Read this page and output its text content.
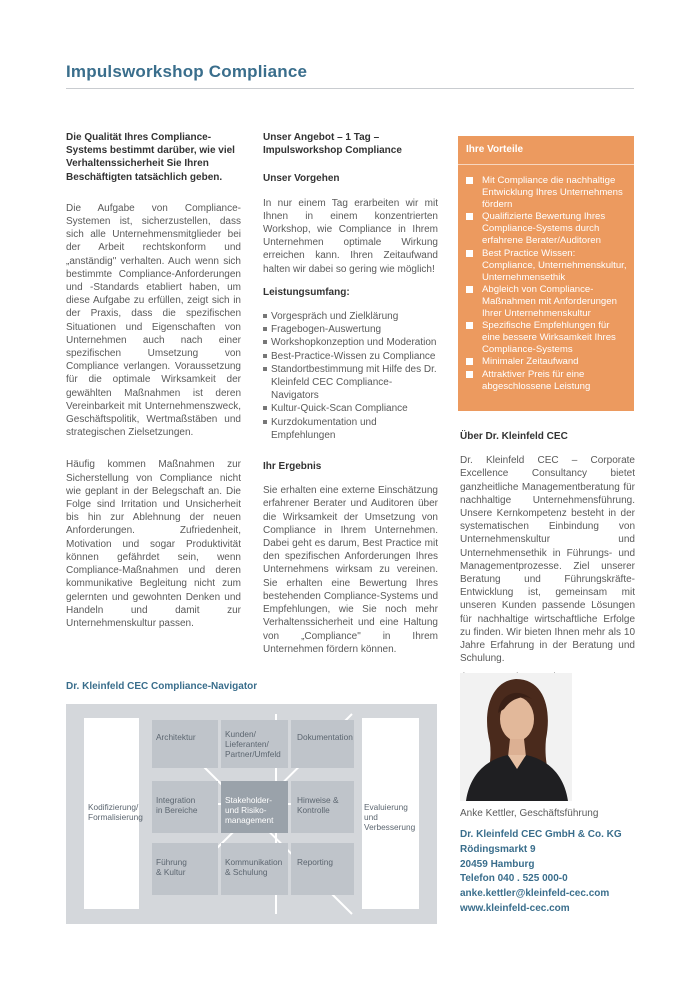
Impulsworkshop Compliance

Die Qualität Ihres Compliance-Systems bestimmt darüber, wie viel Verhaltenssicherheit Sie Ihren Beschäftigten tatsächlich geben.

Die Aufgabe von Compliance-Systemen ist, sicherzustellen, dass sich alle Unternehmensmitglieder bei der Arbeit rechtskonform und „anständig" verhalten. Auch wenn sich bestimmte Compliance-Anforderungen und -Standards etabliert haben, um diese Aufgabe zu erfüllen, zeigt sich in der Praxis, dass die spezifischen Situationen und Eigenschaften von Unternehmen auch nach einer spezifischen Umsetzung von Compliance verlangen. Voraussetzung für die optimale Wirksamkeit der gewählten Maßnahmen ist deren Vereinbarkeit mit Unternehmenszweck, Geschäftspolitik, Wertmaßstäben und strategischen Zielsetzungen.

Häufig kommen Maßnahmen zur Sicherstellung von Compliance nicht wie geplant in der Belegschaft an. Die Folge sind Irritation und Unsicherheit bis hin zur Ablehnung der neuen Anforderungen. Zufriedenheit, Motivation und sogar Produktivität können gefährdet sein, wenn Compliance-Maßnahmen und deren kommunikative Begleitung nicht zum gelernten und gewohnten Denken und Handeln und damit zur Unternehmenskultur passen.

Unser Angebot – 1 Tag – Impulsworkshop Compliance

Unser Vorgehen

In nur einem Tag erarbeiten wir mit Ihnen in einem konzentrierten Workshop, wie Compliance in Ihrem Unternehmen optimale Wirkung erreichen kann. Ihren Zeitaufwand halten wir dabei so gering wie möglich!

Leistungsumfang:

Vorgespräch und Zielklärung
Fragebogen-Auswertung
Workshopkonzeption und Moderation
Best-Practice-Wissen zu Compliance
Standortbestimmung mit Hilfe des Dr. Kleinfeld CEC Compliance-Navigators
Kultur-Quick-Scan Compliance
Kurzdokumentation und Empfehlungen

Ihr Ergebnis

Sie erhalten eine externe Einschätzung erfahrener Berater und Auditoren über die Wirksamkeit der Umsetzung von Compliance in Ihrem Unternehmen. Dabei geht es darum, Best Practice mit den spezifischen Anforderungen Ihres Unternehmens wirksam zu vereinen. Sie erhalten eine Bewertung Ihres bestehenden Compliance-Systems und Empfehlungen, wie Sie noch mehr Verhaltenssicherheit und eine Haltung von „Compliance" in Ihrem Unternehmen fördern können.

Ihre Vorteile
Mit Compliance die nachhaltige Entwicklung Ihres Unternehmens fördern
Qualifizierte Bewertung Ihres Compliance-Systems durch erfahrene Berater/Auditoren
Best Practice Wissen: Compliance, Unternehmenskultur, Unternehmensethik
Abgleich von Compliance-Maßnahmen mit Anforderungen Ihrer Unternehmenskultur
Spezifische Empfehlungen für eine bessere Wirksamkeit Ihres Compliance-Systems
Minimaler Zeitaufwand
Attraktiver Preis für eine abgeschlossene Leistung

Über Dr. Kleinfeld CEC

Dr. Kleinfeld CEC – Corporate Excellence Consultancy bietet ganzheitliche Managementberatung für nachhaltige Unternehmensführung. Unsere Kernkompetenz besteht in der systematischen Einbindung von Unternehmenskultur und Unternehmensethik in Führungs- und Managementprozesse. Ziel unserer Beratung und Führungskräfte-Entwicklung ist, gemeinsam mit unseren Kunden passende Lösungen für nachhaltige wirtschaftliche Erfolge zu finden. Wir bieten Ihnen mehr als 10 Jahre Erfahrung in der Beratung und Schulung.

Dr. Kleinfeld CEC Compliance-Navigator
Kodifizierung/ Formalisierung
Evaluierung und Verbesserung
Architektur	Kunden/ Lieferanten/ Partner/Umfeld
Dokumentation
Integration in Bereiche
Stakeholder- und Risiko- management
Hinweise & Kontrolle
Führung & Kultur
Kommunikation & Schulung
Reporting
Anke Kettler, Geschäftsführung
Dr. Kleinfeld CEC GmbH & Co. KG
Rödingsmarkt 9
20459 Hamburg
Telefon 040 . 525 000-0
anke.kettler@kleinfeld-cec.com
www.kleinfeld-cec.com
